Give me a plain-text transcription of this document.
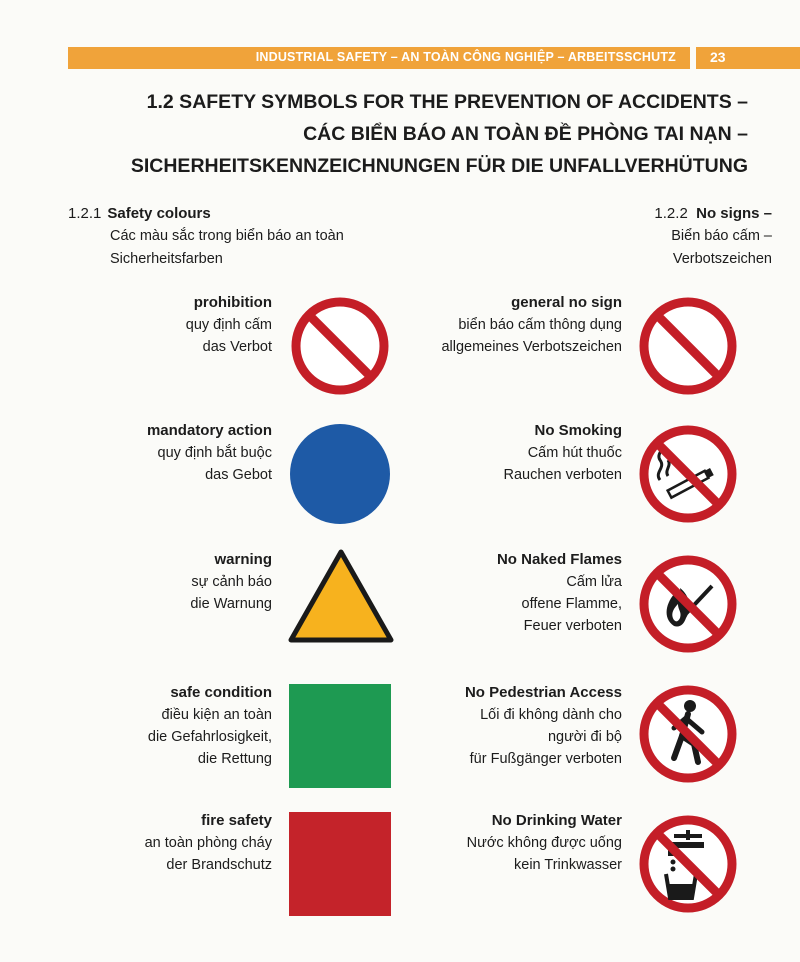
INDUSTRIAL SAFETY – AN TOÀN CÔNG NGHIỆP – ARBEITSSCHUTZ 23
1.2 SAFETY SYMBOLS FOR THE PREVENTION OF ACCIDENTS –
CÁC BIỂN BÁO AN TOÀN ĐỀ PHÒNG TAI NẠN –
SICHERHEITSKENNZEICHNUNGEN FÜR DIE UNFALLVERHÜTUNG
1.2.1 Safety colours
Các màu sắc trong biển báo an toàn
Sicherheitsfarben
1.2.2 No signs –
Biển báo cấm –
Verbotszeichen
prohibition
quy định cấm
das Verbot
mandatory action
quy định bắt buộc
das Gebot
warning
sự cảnh báo
die Warnung
safe condition
điều kiện an toàn
die Gefahrlosigkeit,
die Rettung
fire safety
an toàn phòng cháy
der Brandschutz
general no sign
biển báo cấm thông dụng
allgemeines Verbotszeichen
No Smoking
Cấm hút thuốc
Rauchen verboten
No Naked Flames
Cấm lửa
offene Flamme,
Feuer verboten
No Pedestrian Access
Lối đi không dành cho
người đi bộ
für Fußgänger verboten
No Drinking Water
Nước không được uống
kein Trinkwasser
